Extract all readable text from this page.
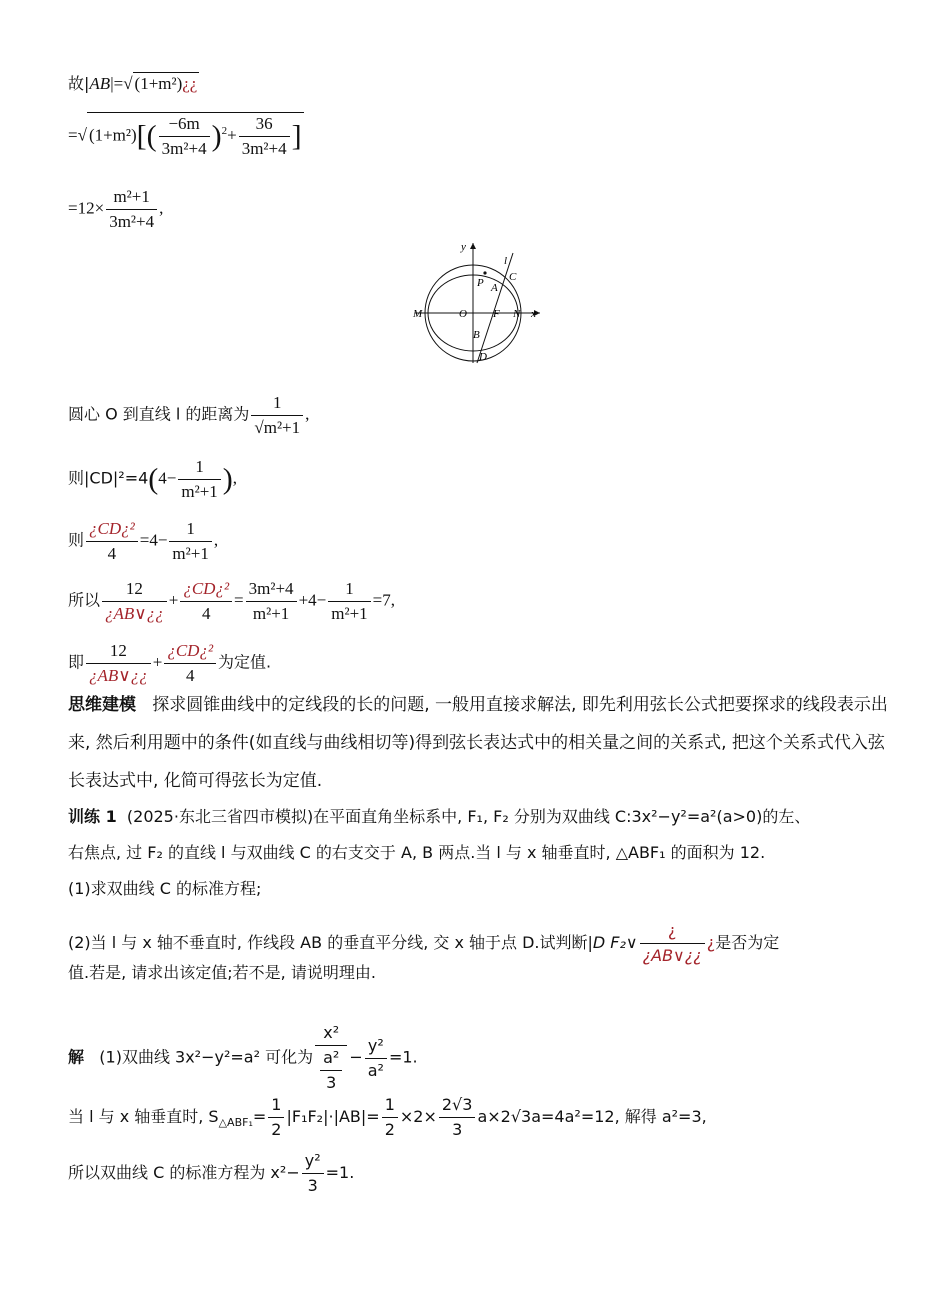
故|AB|=√ (1+m²)¿¿
=√ $(1+m^2)[( \frac{-6m}{\text{3m²+4}} )^2+ \frac{36}{\text{3m²+4}}$ ]
$=12\times \frac{\text{m²+1}}{\text{3m²+4}}$ ,
y
l
C
P A
M	O F N x
B
D
圆心 O 到直线 l 的距离为 $\frac{1}{\text{√m²+1}}$ ,
则$|CD|^2=4(4- \frac{1}{\text{m²+1}}$ ),
则 $\frac{\text{¿CD¿²}}{4} =4- \frac{1}{\text{m²+1}}$ ,
所以 $\frac{12}{¿AB\vee¿¿} + \frac{\text{¿CD¿²}}{4} = \frac{\text{3m²+4}}{\text{m²+1}} +4- \frac{1}{\text{m²+1}} =7$,
即 $\frac{12}{¿AB\vee¿¿} + \frac{\text{¿CD¿²}}{4}$ 为定值.
思维建模 探求圆锥曲线中的定线段的长的问题, 一般用直接求解法, 即先利用弦长公式把要探求的线段表示出来, 然后利用题中的条件(如直线与曲线相切等)得到弦长表达式中的相关量之间的关系式, 把这个关系式代入弦长表达式中, 化简可得弦长为定值.
训练 1 (2025·东北三省四市模拟)在平面直角坐标系中, F₁, F₂ 分别为双曲线 C:3x²−y²=a²(a>0)的左、
右焦点, 过 F₂ 的直线 l 与双曲线 C 的右支交于 A, B 两点.当 l 与 x 轴垂直时, △ABF₁ 的面积为 12.
(1)求双曲线 C 的标准方程;
(2)当 l 与 x 轴不垂直时, 作线段 AB 的垂直平分线, 交 x 轴于点 D.试判断|D F₂∨ $\frac{¿}{¿AB\vee¿¿}$ ¿是否为定
值.若是, 请求出该定值;若不是, 请说明理由.
解 (1)双曲线 3x²−y²=a² 可化为 $\frac{\text{x²}}{\frac{\text{a²}}{3}} - \frac{\text{y²}}{\text{a²}} =1$.
当 l 与 x 轴垂直时, $S_{\triangle ABF_1}= \frac{1}{2} |F_1F_2|\cdot|AB|= \frac{1}{2} \times 2\times \frac{2√3}{3} a\times 2√3a=4a^2=12$, 解得 a²=3,
所以双曲线 C 的标准方程为 $x^2- \frac{\text{y²}}{3} =1$.
